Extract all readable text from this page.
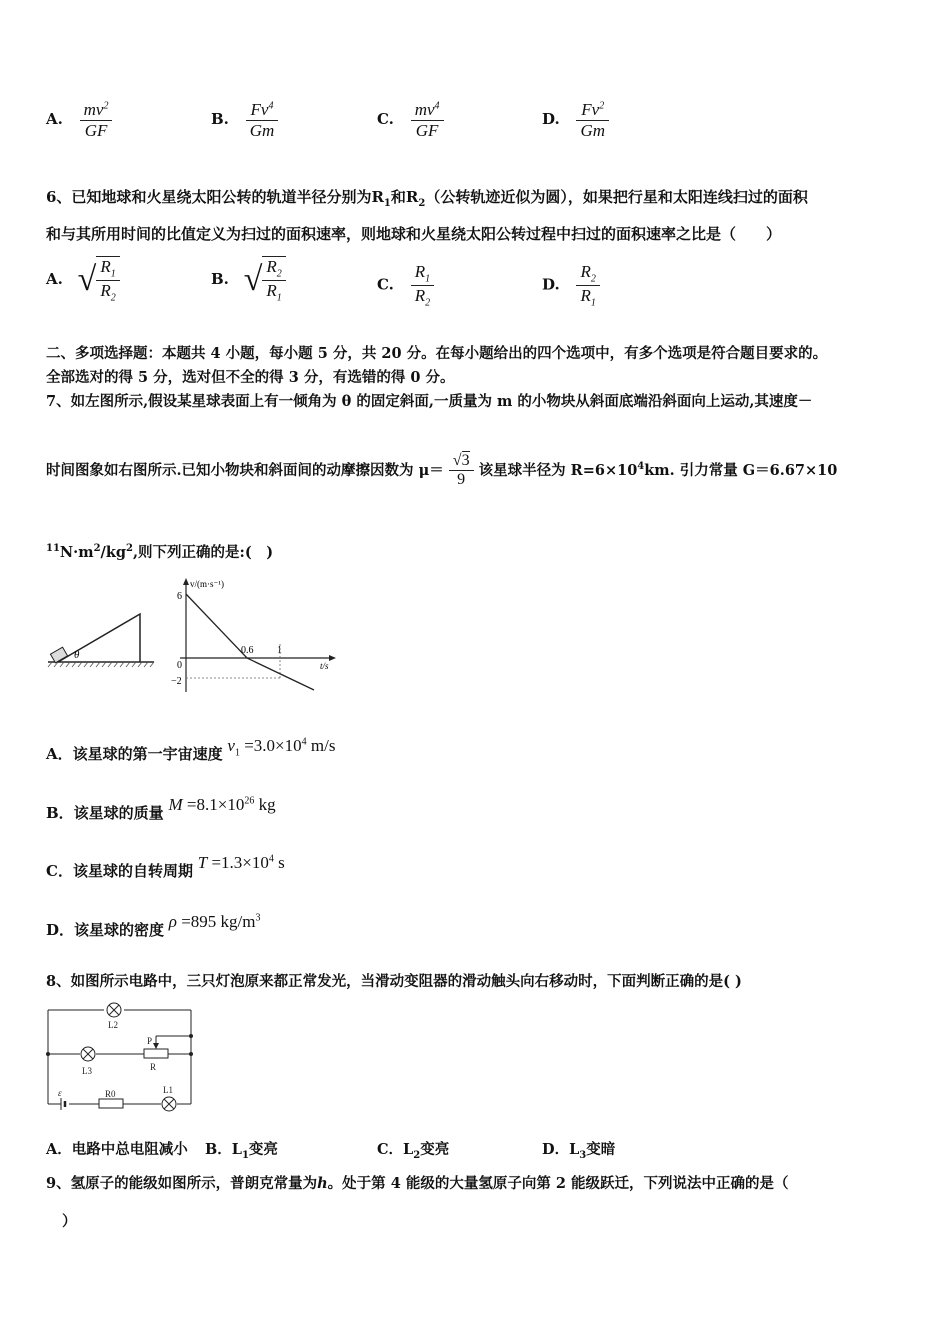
A. $\frac{mv^2}{GF}$	B. $\frac{Fv^4}{Gm}$	C. $\frac{mv^4}{GF}$	D. $\frac{Fv^2}{Gm}$
6、已知地球和火星绕太阳公转的轨道半径分别为$R_1$和$R_2$（公转轨迹近似为圆），如果把行星和太阳连线扫过的面积
和与其所用时间的比值定义为扫过的面积速率，则地球和火星绕太阳公转过程中扫过的面积速率之比是（　　）
A. √ $\frac{R_1}{R_2}$	B. √ $\frac{R_2}{R_1}$	C. $\frac{R_1}{R_2}$	D. $\frac{R_2}{R_1}$
二、多项选择题：本题共 4 小题，每小题 5 分，共 20 分。在每小题给出的四个选项中，有多个选项是符合题目要求的。
全部选对的得 5 分，选对但不全的得 3 分，有选错的得 0 分。
7、如左图所示,假设某星球表面上有一倾角为 θ 的固定斜面,一质量为 m 的小物块从斜面底端沿斜面向上运动,其速度－
时间图象如右图所示.已知小物块和斜面间的动摩擦因数为 $\mu= \frac{√3}{9}$ 该星球半径为 $R=6\times 10^4km$. 引力常量 G＝6.67×10
$^{11}N\cdot m^2/kg^2$,则下列正确的是:(　)
θ
v/(m·s⁻¹)
t/s
6
−2
0
0.6 1
A．该星球的第一宇宙速度 $v_1 =3.0\times 10^4$ m/s
B．该星球的质量 $M =8.1\times 10^{26}$ kg
C．该星球的自转周期 $T =1.3\times 10^4$ s
D．该星球的密度 ρ =895 $kg/m^3$
8、如图所示电路中，三只灯泡原来都正常发光，当滑动变阻器的滑动触头向右移动时，下面判断正确的是( )
L2
L3
L1
P
R
R0
ε
A．电路中总电阻减小 B．$L_1$变亮	C．$L_2$变亮	D．$L_3$变暗
9、氢原子的能级如图所示，普朗克常量为h。处于第 4 能级的大量氢原子向第 2 能级跃迁，下列说法中正确的是（
）
